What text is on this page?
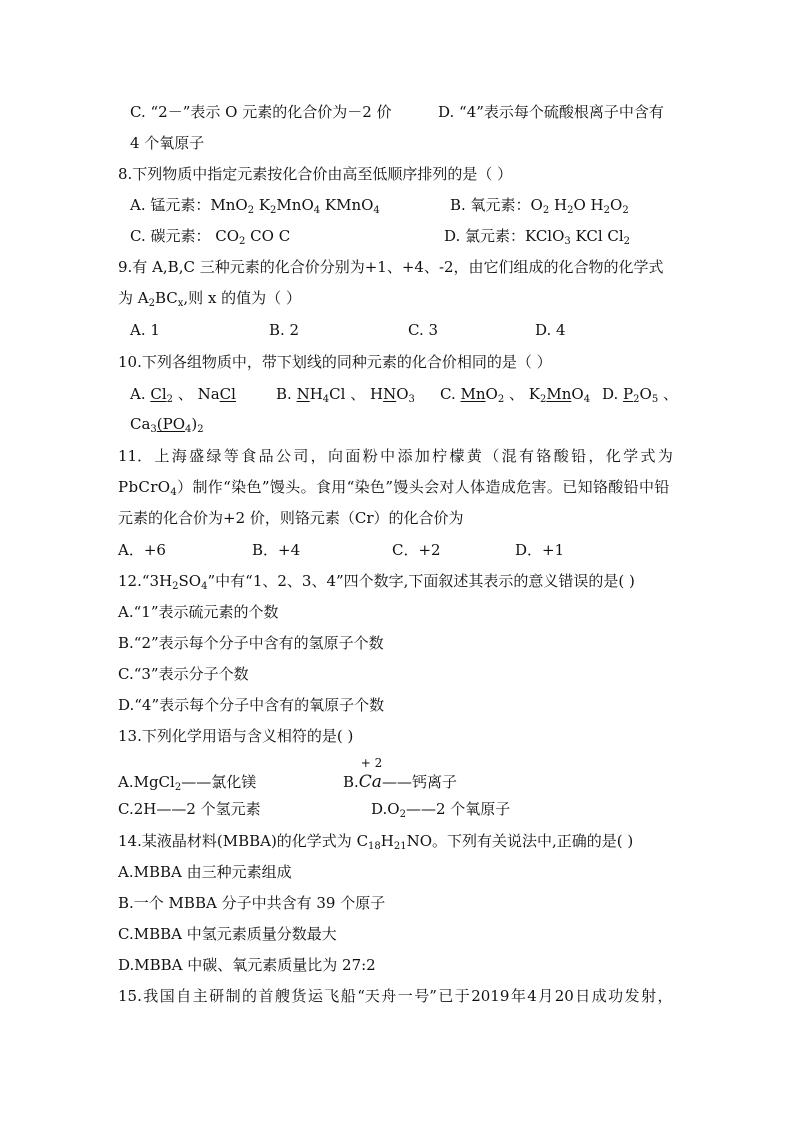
C. “2－”表示 O 元素的化合价为－2 价	D. “4”表示每个硫酸根离子中含有
4 个氧原子
8.下列物质中指定元素按化合价由高至低顺序排列的是（ ）
A. 锰元素：MnO$_2$ $K_2MnO_4$ KMnO$_4$	B. 氧元素：$O_2$ $H_2O$ $H_2O_2$
C. 碳元素： $CO_2$ CO C	D. 氯元素：KClO$_3$ KCl $Cl_2$
9.有 A,B,C 三种元素的化合价分别为+1、+4、-2，由它们组成的化合物的化学式
为 $A_2BC_x$,则 x 的值为（ ）
A. 1	B. 2	C. 3	D. 4
10.下列各组物质中，带下划线的同种元素的化合价相同的是（ ）
A. $Cl_2$ 、 NaCl	B. $NH_4Cl$ 、 $HNO_3$ C. MnO$_2$ 、 $K_2MnO_4$ D. $P_2O_5$ 、
$Ca_3(PO_4)_2$
11． 上 海 盛 绿 等 食 品 公 司 ， 向 面 粉 中 添 加 柠 檬 黄 （ 混 有 铬 酸 铅 ， 化 学 式 为
PbCrO$_4$）制作“染色”馒头。食用“染色”馒头会对人体造成危害。已知铬酸铅中铅
元素的化合价为+2 价，则铬元素（Cr）的化合价为
A．+6	B．+4	C．+2	D．+1
$12.“3H_2SO_4$”中有“1、2、3、4”四个数字,下面叙述其表示的意义错误的是( )
A.“1”表示硫元素的个数
B.“2”表示每个分子中含有的氢原子个数
C.“3”表示分子个数
D.“4”表示每个分子中含有的氧原子个数
13.下列化学用语与含义相符的是( )
A.MgCl$_2$——氯化镁	B.
+ 2
Ca——钙离子
C.2H——2 个氢元素	$D.O_2——2$ 个氧原子
14.某液晶材料(MBBA)的化学式为 $C_{18}H_{21}NO$。下列有关说法中,正确的是( )
A.MBBA 由三种元素组成
B.一个 MBBA 分子中共含有 39 个原子
C.MBBA 中氢元素质量分数最大
D.MBBA 中碳、氧元素质量比为 27:2
15. 我 国 自 主 研 制 的 首 艘 货 运 飞 船 “天 舟 一 号” 已 于 2019 年 4 月 20 日 成 功 发 射 ，
